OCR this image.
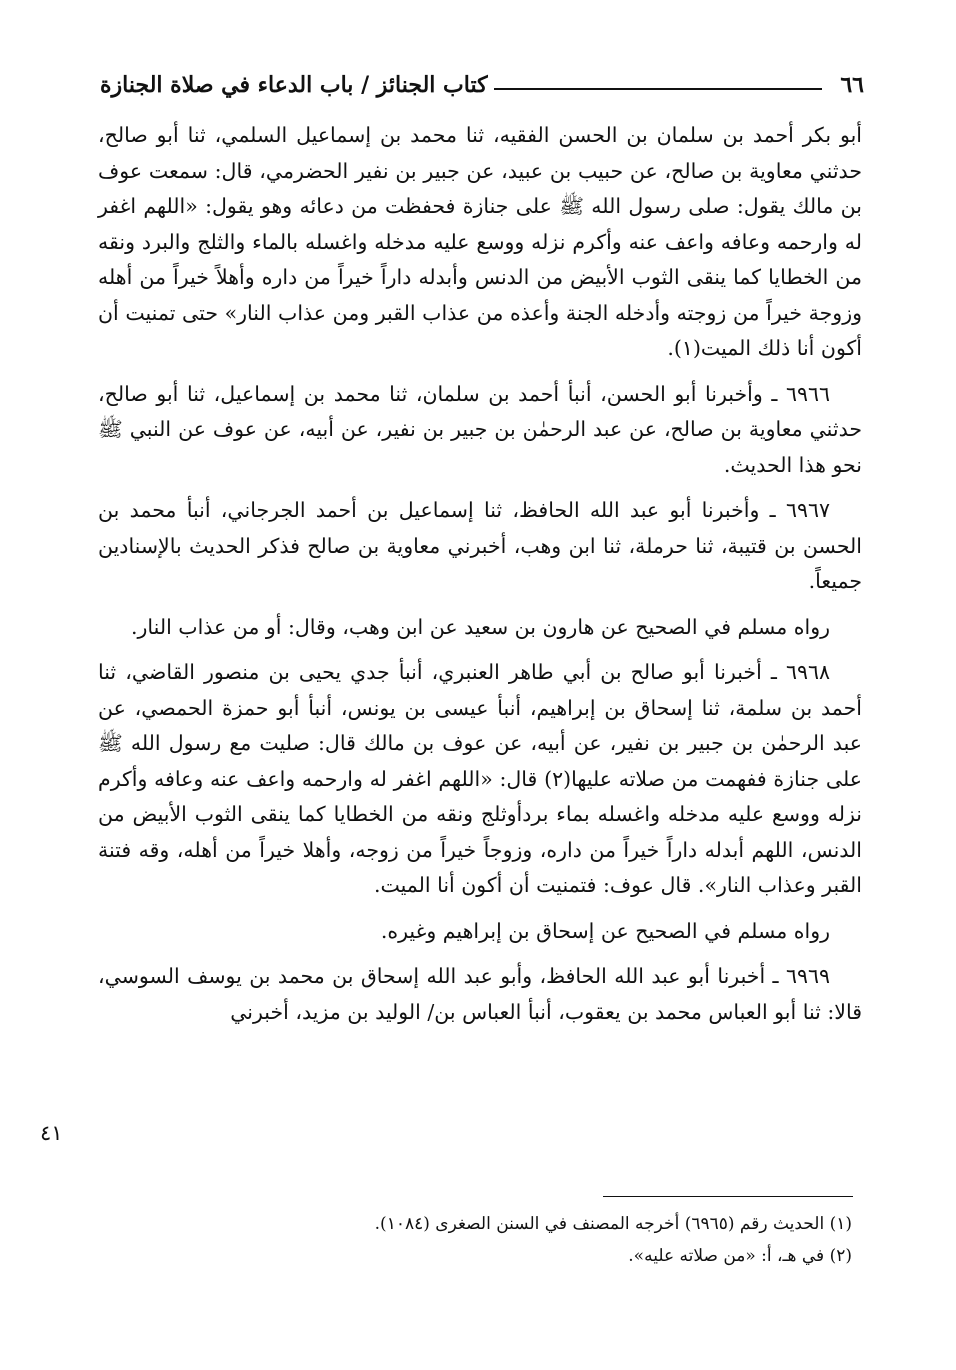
٦٦
كتاب الجنائز / باب الدعاء في صلاة الجنازة

أبو بكر أحمد بن سلمان بن الحسن الفقيه، ثنا محمد بن إسماعيل السلمي، ثنا أبو صالح، حدثني معاوية بن صالح، عن حبيب بن عبيد، عن جبير بن نفير الحضرمي، قال: سمعت عوف بن مالك يقول: صلى رسول الله ﷺ على جنازة فحفظت من دعائه وهو يقول: «اللهم اغفر له وارحمه وعافه واعف عنه وأكرم نزله ووسع عليه مدخله واغسله بالماء والثلج والبرد ونقه من الخطايا كما ينقى الثوب الأبيض من الدنس وأبدله داراً خيراً من داره وأهلاً خيراً من أهله وزوجة خيراً من زوجته وأدخله الجنة وأعذه من عذاب القبر ومن عذاب النار» حتى تمنيت أن أكون أنا ذلك الميت(١).

٦٩٦٦ ـ وأخبرنا أبو الحسن، أنبأ أحمد بن سلمان، ثنا محمد بن إسماعيل، ثنا أبو صالح، حدثني معاوية بن صالح، عن عبد الرحمٰن بن جبير بن نفير، عن أبيه، عن عوف عن النبي ﷺ نحو هذا الحديث.

٦٩٦٧ ـ وأخبرنا أبو عبد الله الحافظ، ثنا إسماعيل بن أحمد الجرجاني، أنبأ محمد بن الحسن بن قتيبة، ثنا حرملة، ثنا ابن وهب، أخبرني معاوية بن صالح فذكر الحديث بالإسنادين جميعاً.

رواه مسلم في الصحيح عن هارون بن سعيد عن ابن وهب، وقال: أو من عذاب النار.

٦٩٦٨ ـ أخبرنا أبو صالح بن أبي طاهر العنبري، أنبأ جدي يحيى بن منصور القاضي، ثنا أحمد بن سلمة، ثنا إسحاق بن إبراهيم، أنبأ عيسى بن يونس، أنبأ أبو حمزة الحمصي، عن عبد الرحمٰن بن جبير بن نفير، عن أبيه، عن عوف بن مالك قال: صليت مع رسول الله ﷺ على جنازة ففهمت من صلاته عليها(٢) قال: «اللهم اغفر له وارحمه واعف عنه وعافه وأكرم نزله ووسع عليه مدخله واغسله بماء بردأوثلج ونقه من الخطايا كما ينقى الثوب الأبيض من الدنس، اللهم أبدله داراً خيراً من داره، وزوجاً خيراً من زوجه، وأهلا خيراً من أهله، وقه فتنة القبر وعذاب النار». قال عوف: فتمنيت أن أكون أنا الميت.

رواه مسلم في الصحيح عن إسحاق بن إبراهيم وغيره.

٦٩٦٩ ـ أخبرنا أبو عبد الله الحافظ، وأبو عبد الله إسحاق بن محمد بن يوسف السوسي، قالا: ثنا أبو العباس محمد بن يعقوب، أنبأ العباس بن/ الوليد بن مزيد، أخبرني

٤١

(١) الحديث رقم (٦٩٦٥) أخرجه المصنف في السنن الصغرى (١٠٨٤).

(٢) في هـ، أ: «من صلاته عليه».
